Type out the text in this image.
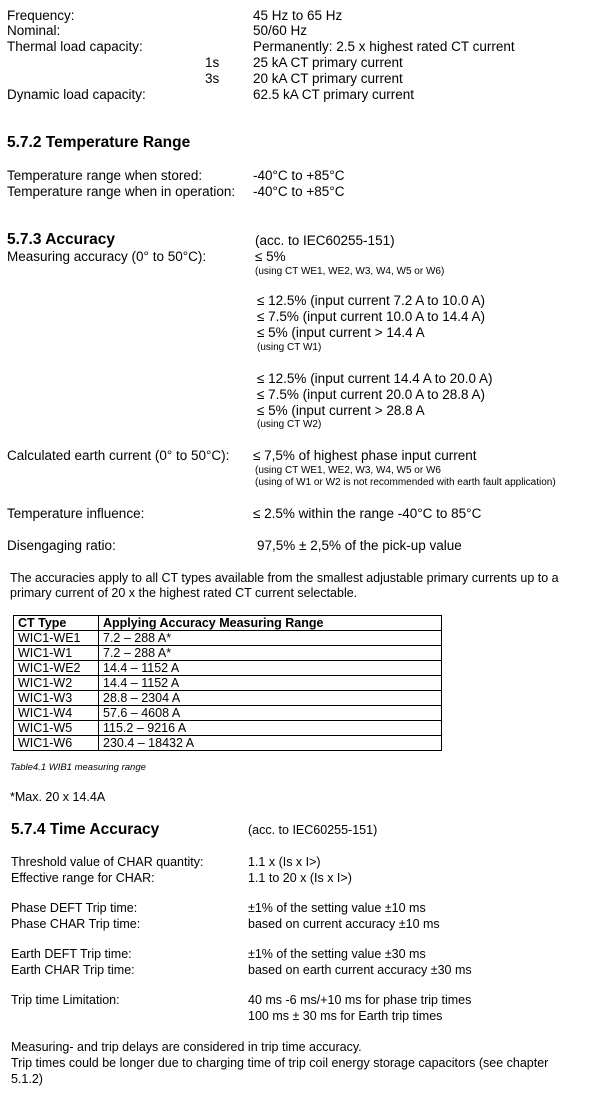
Frequency:	45 Hz to 65 Hz
Nominal:	50/60 Hz
Thermal load capacity:	Permanently: 2.5 x highest rated CT current
1s 25 kA CT primary current
3s 20 kA CT primary current
Dynamic load capacity:	62.5 kA CT primary current
5.7.2 Temperature Range
Temperature range when stored:	-40°C to +85°C
Temperature range when in operation: -40°C to +85°C
5.7.3 Accuracy	(acc. to IEC60255-151)
Measuring accuracy (0° to 50°C):	≤ 5%
(using CT WE1, WE2, W3, W4, W5 or W6)
≤ 12.5% (input current 7.2 A to 10.0 A)
≤ 7.5% (input current 10.0 A to 14.4 A)
≤ 5% (input current > 14.4 A
(using CT W1)
≤ 12.5% (input current 14.4 A to 20.0 A)
≤ 7.5% (input current 20.0 A to 28.8 A)
≤ 5% (input current > 28.8 A
(using CT W2)
Calculated earth current (0° to 50°C): ≤ 7,5% of highest phase input current
(using CT WE1, WE2, W3, W4, W5 or W6
(using of W1 or W2 is not recommended with earth fault application)
Temperature influence:	≤ 2.5% within the range -40°C to 85°C
Disengaging ratio:	97,5% ± 2,5% of the pick-up value
The accuracies apply to all CT types available from the smallest adjustable primary currents up to a
primary current of 20 x the highest rated CT current selectable.
CT Type	Applying Accuracy Measuring Range
WIC1-WE1	7.2 – 288 A*
WIC1-W1	7.2 – 288 A*
WIC1-WE2	14.4 – 1152 A
WIC1-W2	14.4 – 1152 A
WIC1-W3	28.8 – 2304 A
WIC1-W4	57.6 – 4608 A
WIC1-W5	115.2 – 9216 A
WIC1-W6	230.4 – 18432 A
Table4.1 WIB1 measuring range
*Max. 20 x 14.4A
5.7.4 Time Accuracy	(acc. to IEC60255-151)
Threshold value of CHAR quantity:	1.1 x (Is x I>)
Effective range for CHAR:	1.1 to 20 x (Is x I>)
Phase DEFT Trip time:	±1% of the setting value ±10 ms
Phase CHAR Trip time:	based on current accuracy ±10 ms
Earth DEFT Trip time:	±1% of the setting value ±30 ms
Earth CHAR Trip time:	based on earth current accuracy ±30 ms
Trip time Limitation:	40 ms -6 ms/+10 ms for phase trip times
100 ms ± 30 ms for Earth trip times
Measuring- and trip delays are considered in trip time accuracy.
Trip times could be longer due to charging time of trip coil energy storage capacitors (see chapter
5.1.2)
